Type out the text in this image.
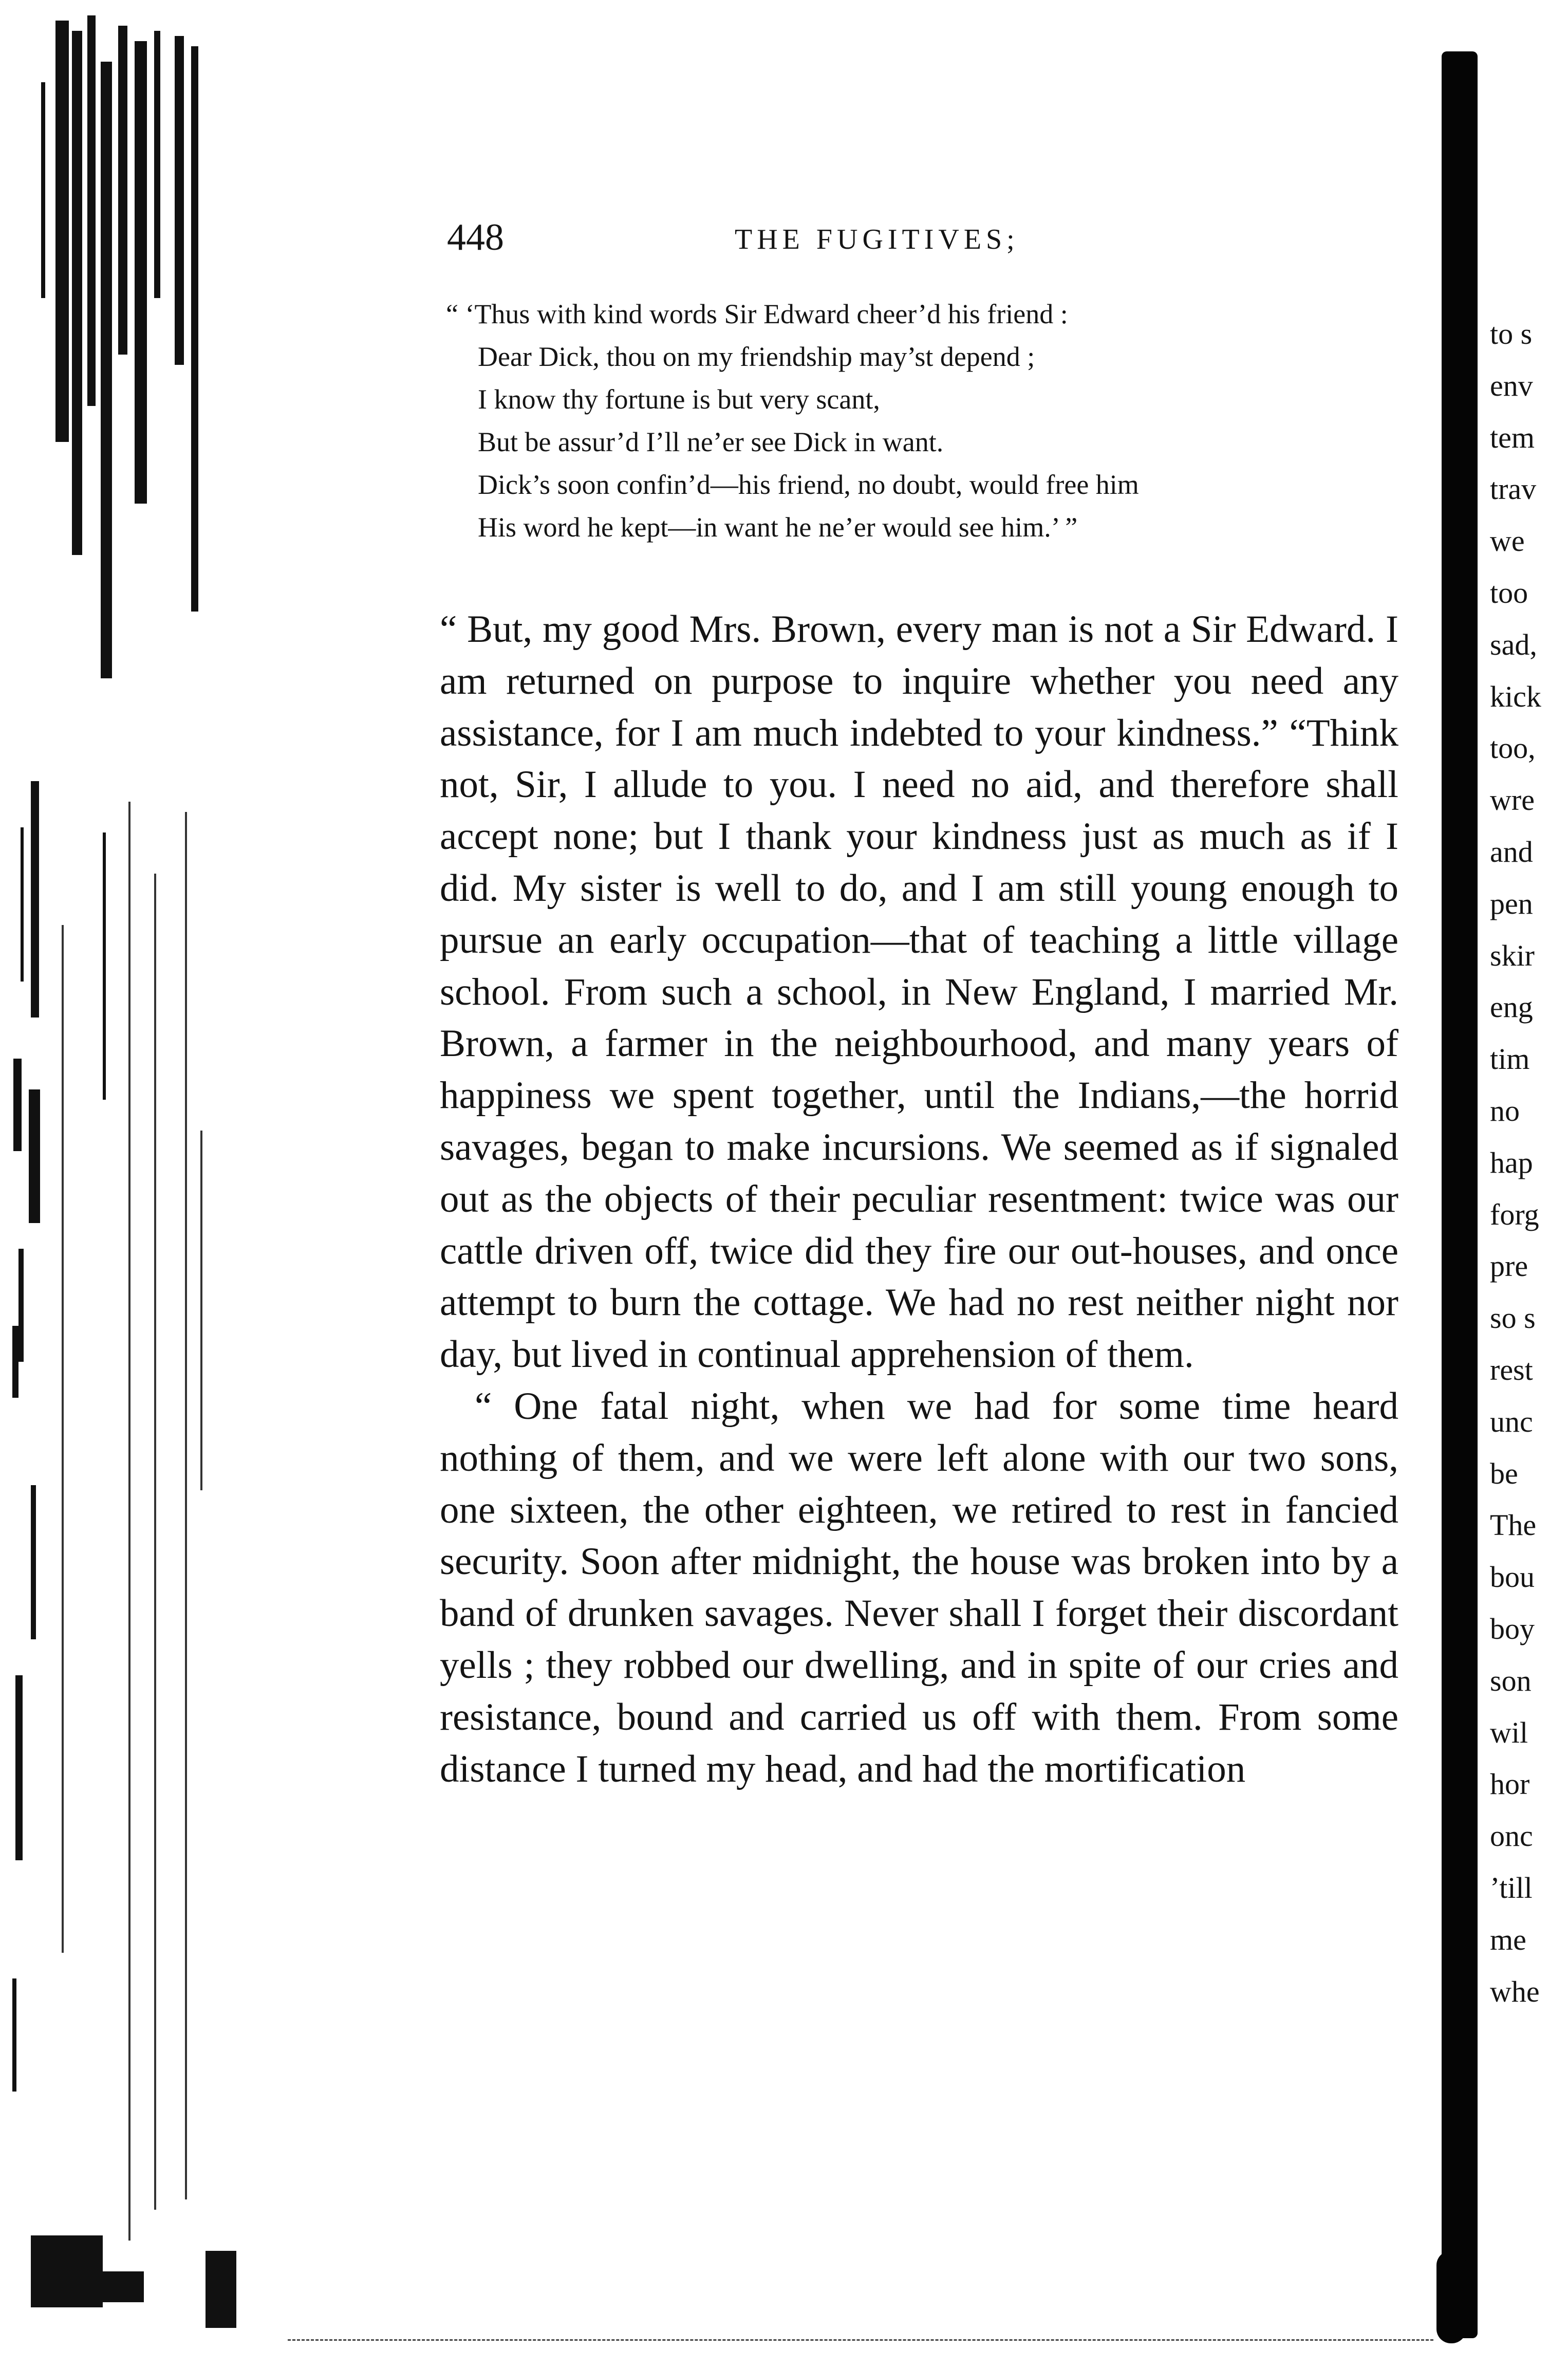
448	THE FUGITIVES;
“ ‘Thus with kind words Sir Edward cheer’d his friend :
Dear Dick, thou on my friendship may’st depend ;
I know thy fortune is but very scant,
But be assur’d I’ll ne’er see Dick in want.
Dick’s soon confin’d—his friend, no doubt, would free him
His word he kept—in want he ne’er would see him.’ ”

“ But, my good Mrs. Brown, every man is not a Sir Edward. I am returned on purpose to inquire whether you need any assistance, for I am much indebted to your kindness.” “Think not, Sir, I allude to you. I need no aid, and therefore shall accept none; but I thank your kindness just as much as if I did. My sister is well to do, and I am still young enough to pursue an early occupation—that of teaching a little village school. From such a school, in New England, I married Mr. Brown, a farmer in the neighbourhood, and many years of happiness we spent together, until the Indians,—the horrid savages, began to make incursions. We seemed as if signaled out as the objects of their peculiar resentment: twice was our cattle driven off, twice did they fire our out-houses, and once attempt to burn the cottage. We had no rest neither night nor day, but lived in continual apprehension of them.

“ One fatal night, when we had for some time heard nothing of them, and we were left alone with our two sons, one sixteen, the other eighteen, we retired to rest in fancied security. Soon after midnight, the house was broken into by a band of drunken savages. Never shall I forget their discordant yells ; they robbed our dwelling, and in spite of our cries and resistance, bound and carried us off with them. From some distance I turned my head, and had the mortification

to s
env
tem
trav
we
too
sad,
kick
too,
wre
and
pen
skir
eng
tim
no
hap
forg
pre
so s
rest
unc
be
The
bou
boy
son
wil
hor
onc
’till
me
whe
